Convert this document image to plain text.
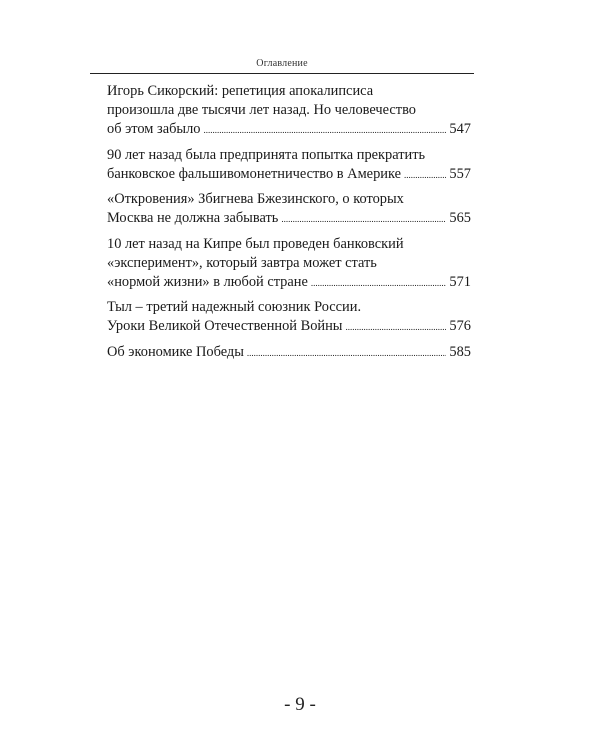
Оглавление
Игорь Сикорский: репетиция апокалипсиса
произошла две тысячи лет назад. Но человечество
об этом забыло .....	547
90 лет назад была предпринята попытка прекратить
банковское фальшивомонетничество в Америке .....	557
«Откровения» Збигнева Бжезинского, о которых
Москва не должна забывать .....	565
10 лет назад на Кипре был проведен банковский
«эксперимент», который завтра может стать
«нормой жизни» в любой стране .....	571
Тыл – третий надежный союзник России.
Уроки Великой Отечественной Войны .....	576
Об экономике Победы .....	585
- 9 -
